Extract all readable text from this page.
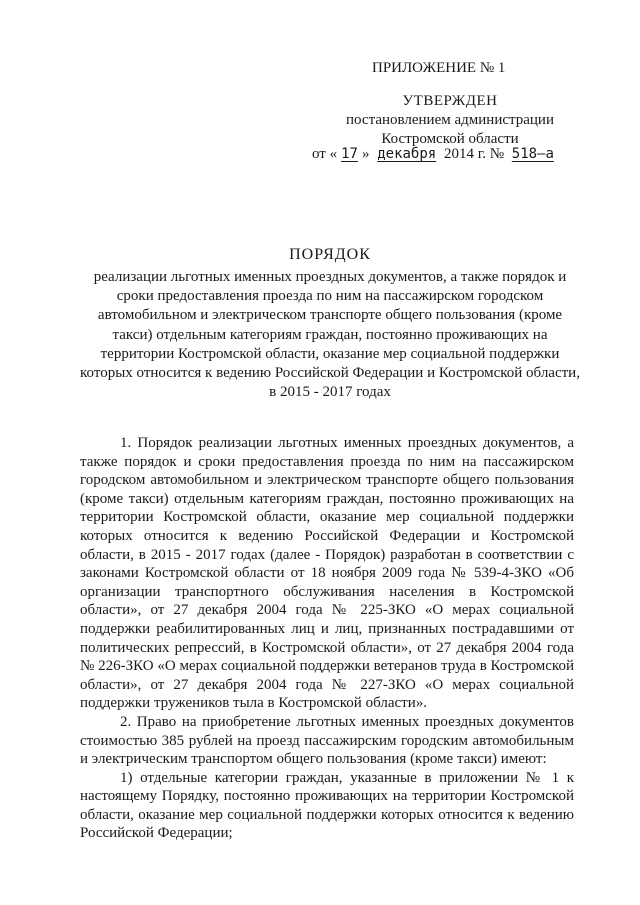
ПРИЛОЖЕНИЕ № 1
УТВЕРЖДЕН
постановлением администрации
Костромской области
от « 17 » декабря 2014 г. № 518–а
ПОРЯДОК

реализации льготных именных проездных документов, а также порядок и сроки предоставления проезда по ним на пассажирском городском автомобильном и электрическом транспорте общего пользования (кроме такси) отдельным категориям граждан, постоянно проживающих на территории Костромской области, оказание мер социальной поддержки которых относится к ведению Российской Федерации и Костромской области, в 2015 - 2017 годах

1. Порядок реализации льготных именных проездных документов, а также порядок и сроки предоставления проезда по ним на пассажирском городском автомобильном и электрическом транспорте общего пользования (кроме такси) отдельным категориям граждан, постоянно проживающих на территории Костромской области, оказание мер социальной поддержки которых относится к ведению Российской Федерации и Костромской области, в 2015 - 2017 годах (далее - Порядок) разработан в соответствии с законами Костромской области от 18 ноября 2009 года № 539-4-ЗКО «Об организации транспортного обслуживания населения в Костромской области», от 27 декабря 2004 года № 225-ЗКО «О мерах социальной поддержки реабилитированных лиц и лиц, признанных пострадавшими от политических репрессий, в Костромской области», от 27 декабря 2004 года № 226-ЗКО «О мерах социальной поддержки ветеранов труда в Костромской области», от 27 декабря 2004 года № 227-ЗКО «О мерах социальной поддержки тружеников тыла в Костромской области».

2. Право на приобретение льготных именных проездных документов стоимостью 385 рублей на проезд пассажирским городским автомобильным и электрическим транспортом общего пользования (кроме такси) имеют:

1) отдельные категории граждан, указанные в приложении № 1 к настоящему Порядку, постоянно проживающих на территории Костромской области, оказание мер социальной поддержки которых относится к ведению Российской Федерации;
